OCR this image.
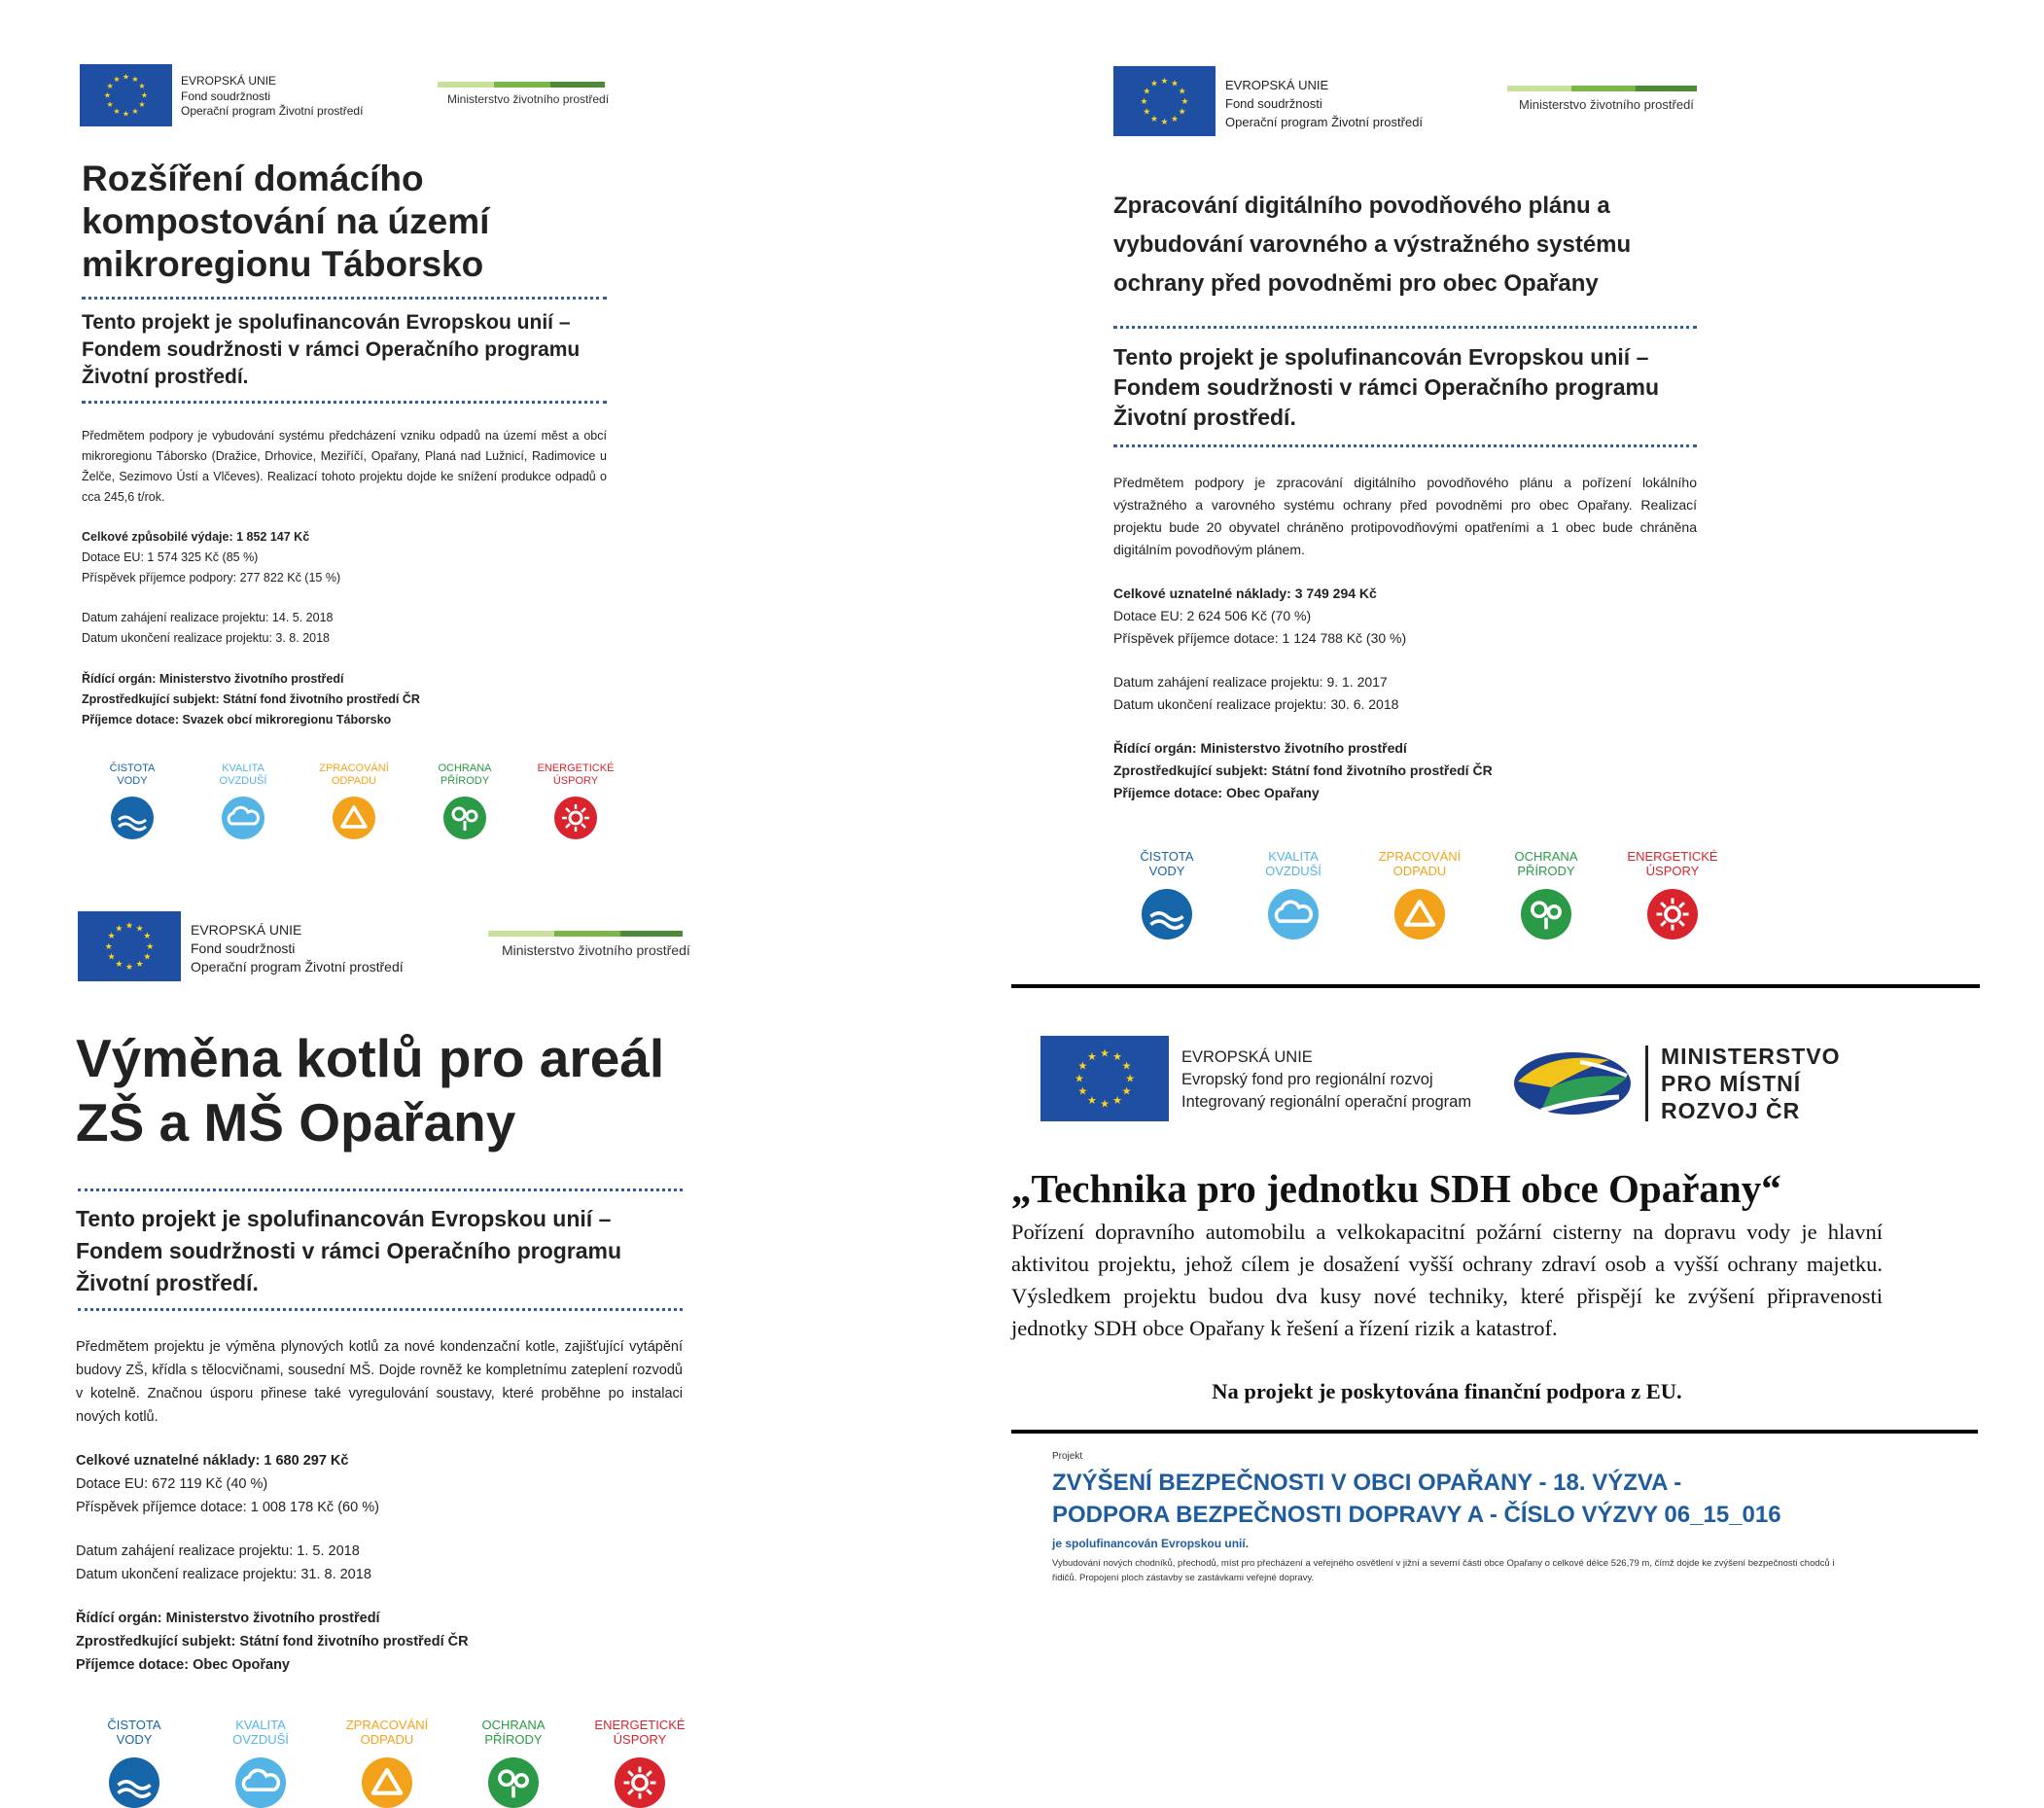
★ ★
★
★
★
★
★
★
★
★
★
★	EVROPSKÁ UNIE
Fond soudržnosti
Operační program Životní prostředí
Ministerstvo životního prostředí
Rozšíření domácího
kompostování na území
mikroregionu Táborsko
Tento projekt je spolufinancován Evropskou unií –
Fondem soudržnosti v rámci Operačního programu
Životní prostředí.

Předmětem podpory je vybudování systému předcházení vzniku odpadů na území měst a obcí mikroregionu Táborsko (Dražice, Drhovice, Meziříčí, Opařany, Planá nad Lužnicí, Radimovice u Želče, Sezimovo Ústí a Vlčeves). Realizací tohoto projektu dojde ke snížení produkce odpadů o cca 245,6 t/rok.

Celkové způsobilé výdaje: 1 852 147 Kč
Dotace EU: 1 574 325 Kč (85 %)
Příspěvek příjemce podpory: 277 822 Kč (15 %)
Datum zahájení realizace projektu: 14. 5. 2018
Datum ukončení realizace projektu: 3. 8. 2018
Řídící orgán: Ministerstvo životního prostředí
Zprostředkující subjekt: Státní fond životního prostředí ČR
Příjemce dotace: Svazek obcí mikroregionu Táborsko
ČISTOTA
VODY
KVALITA
OVZDUŠÍ
ZPRACOVÁNÍ
ODPADU
OCHRANA
PŘÍRODY
ENERGETICKÉ
ÚSPORY
★ ★
★
★
★
★
★
★
★
★
★
★	EVROPSKÁ UNIE
Fond soudržnosti
Operační program Životní prostředí
Ministerstvo životního prostředí
Zpracování digitálního povodňového plánu a
vybudování varovného a výstražného systému
ochrany před povodněmi pro obec Opařany
Tento projekt je spolufinancován Evropskou unií –
Fondem soudržnosti v rámci Operačního programu
Životní prostředí.

Předmětem podpory je zpracování digitálního povodňového plánu a pořízení lokálního výstražného a varovného systému ochrany před povodněmi pro obec Opařany. Realizací projektu bude 20 obyvatel chráněno protipovodňovými opatřeními a 1 obec bude chráněna digitálním povodňovým plánem.

Celkové uznatelné náklady: 3 749 294 Kč
Dotace EU: 2 624 506 Kč (70 %)
Příspěvek příjemce dotace: 1 124 788 Kč (30 %)
Datum zahájení realizace projektu: 9. 1. 2017
Datum ukončení realizace projektu: 30. 6. 2018
Řídící orgán: Ministerstvo životního prostředí
Zprostředkující subjekt: Státní fond životního prostředí ČR
Příjemce dotace: Obec Opařany
ČISTOTA
VODY
KVALITA
OVZDUŠÍ
ZPRACOVÁNÍ
ODPADU
OCHRANA
PŘÍRODY
ENERGETICKÉ
ÚSPORY
★ ★
★
★
★
★
★
★
★
★
★
★	EVROPSKÁ UNIE
Fond soudržnosti
Operační program Životní prostředí
Ministerstvo životního prostředí
Výměna kotlů pro areál
ZŠ a MŠ Opařany
Tento projekt je spolufinancován Evropskou unií –
Fondem soudržnosti v rámci Operačního programu
Životní prostředí.

Předmětem projektu je výměna plynových kotlů za nové kondenzační kotle, zajišťující vytápění budovy ZŠ, křídla s tělocvičnami, sousední MŠ. Dojde rovněž ke kompletnímu zateplení rozvodů v kotelně. Značnou úsporu přinese také vyregulování soustavy, které proběhne po instalaci nových kotlů.

Celkové uznatelné náklady: 1 680 297 Kč
Dotace EU: 672 119 Kč (40 %)
Příspěvek příjemce dotace: 1 008 178 Kč (60 %)
Datum zahájení realizace projektu: 1. 5. 2018
Datum ukončení realizace projektu: 31. 8. 2018
Řídící orgán: Ministerstvo životního prostředí
Zprostředkující subjekt: Státní fond životního prostředí ČR
Příjemce dotace: Obec Opořany
ČISTOTA
VODY
KVALITA
OVZDUŠÍ
ZPRACOVÁNÍ
ODPADU
OCHRANA
PŘÍRODY
ENERGETICKÉ
ÚSPORY
★ ★
★
★
★
★
★
★
★
★
★
★	EVROPSKÁ UNIE
Evropský fond pro regionální rozvoj
Integrovaný regionální operační program
MINISTERSTVO
PRO MÍSTNÍ
ROZVOJ ČR
„Technika pro jednotku SDH obce Opařany“

Pořízení dopravního automobilu a velkokapacitní požární cisterny na dopravu vody je hlavní aktivitou projektu, jehož cílem je dosažení vyšší ochrany zdraví osob a vyšší ochrany majetku. Výsledkem projektu budou dva kusy nové techniky, které přispějí ke zvýšení připravenosti jednotky SDH obce Opařany k řešení a řízení rizik a katastrof.

Na projekt je poskytována finanční podpora z EU.
Projekt
ZVÝŠENÍ BEZPEČNOSTI V OBCI OPAŘANY - 18. VÝZVA -
PODPORA BEZPEČNOSTI DOPRAVY A - ČÍSLO VÝZVY 06_15_016
je spolufinancován Evropskou unií.

Vybudování nových chodníků, přechodů, míst pro přecházení a veřejného osvětlení v jižní a severní části obce Opařany o celkové délce 526,79 m, čímž dojde ke zvýšení bezpečnosti chodců i řidičů. Propojení ploch zástavby se zastávkami veřejné dopravy.
